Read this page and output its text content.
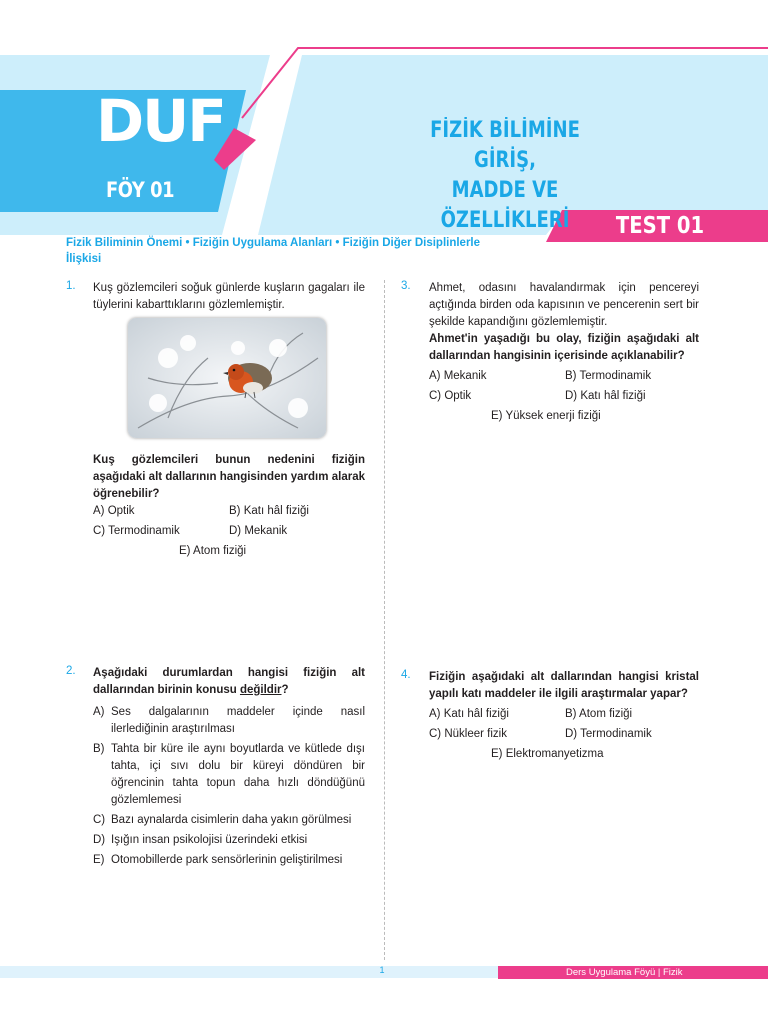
DUF
FÖY 01
FİZİK BİLİMİNE GİRİŞ,
MADDE VE ÖZELLİKLERİ	TEST 01
Fizik Biliminin Önemi • Fiziğin Uygulama Alanları • Fiziğin Diğer Disiplinlerle İlişkisi
1. Kuş gözlemcileri soğuk günlerde kuşların gagaları ile tüylerini kabarttıklarını gözlemlemiştir.
Kuş gözlemcileri bunun nedenini fiziğin aşağıdaki alt dallarının hangisinden yardım alarak öğrenebilir?
A) Optik	B) Katı hâl fiziği
C) Termodinamik	D) Mekanik
E) Atom fiziği
2. Aşağıdaki durumlardan hangisi fiziğin alt dallarından birinin konusu değildir?
A) Ses dalgalarının maddeler içinde nasıl ilerlediğinin araştırılması
B) Tahta bir küre ile aynı boyutlarda ve kütlede dışı tahta, içi sıvı dolu bir küreyi döndüren bir öğrencinin tahta topun daha hızlı döndüğünü gözlemlemesi
C) Bazı aynalarda cisimlerin daha yakın görülmesi
D) Işığın insan psikolojisi üzerindeki etkisi
E) Otomobillerde park sensörlerinin geliştirilmesi
3. Ahmet, odasını havalandırmak için pencereyi açtığında birden oda kapısının ve pencerenin sert bir şekilde kapandığını gözlemlemiştir.
Ahmet'in yaşadığı bu olay, fiziğin aşağıdaki alt dallarından hangisinin içerisinde açıklanabilir?
A) Mekanik	B) Termodinamik
C) Optik	D) Katı hâl fiziği
E) Yüksek enerji fiziği
4. Fiziğin aşağıdaki alt dallarından hangisi kristal yapılı katı maddeler ile ilgili araştırmalar yapar?
A) Katı hâl fiziği	B) Atom fiziği
C) Nükleer fizik	D) Termodinamik
E) Elektromanyetizma
1	Ders Uygulama Föyü | Fizik
